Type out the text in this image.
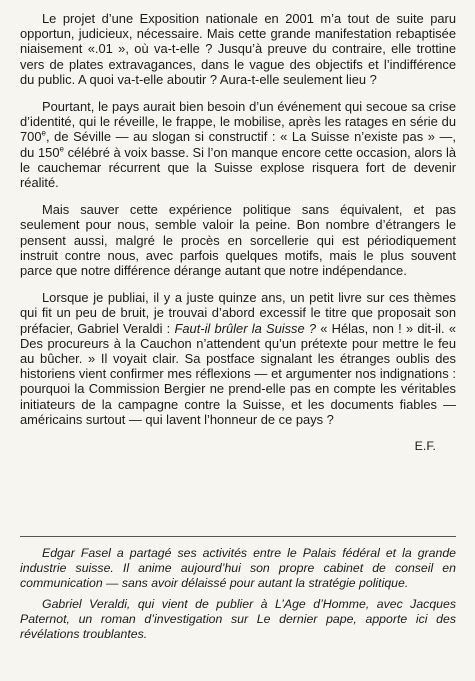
Le projet d’une Exposition nationale en 2001 m’a tout de suite paru opportun, judicieux, nécessaire. Mais cette grande manifestation rebaptisée niaisement «.01 », où va-t-elle ? Jusqu’à preuve du contraire, elle trottine vers de plates extravagances, dans le vague des objectifs et l’indifférence du public. A quoi va-t-elle aboutir ? Aura-t-elle seulement lieu ?

Pourtant, le pays aurait bien besoin d’un événement qui secoue sa crise d’identité, qui le réveille, le frappe, le mobilise, après les ratages en série du 700e, de Séville — au slogan si constructif : « La Suisse n’existe pas » —, du 150e célébré à voix basse. Si l’on manque encore cette occasion, alors là le cauchemar récurrent que la Suisse explose risquera fort de devenir réalité.

Mais sauver cette expérience politique sans équivalent, et pas seulement pour nous, semble valoir la peine. Bon nombre d’étrangers le pensent aussi, malgré le procès en sorcellerie qui est périodiquement instruit contre nous, avec parfois quelques motifs, mais le plus souvent parce que notre différence dérange autant que notre indépendance.

Lorsque je publiai, il y a juste quinze ans, un petit livre sur ces thèmes qui fit un peu de bruit, je trouvai d’abord excessif le titre que proposait son préfacier, Gabriel Veraldi : Faut-il brûler la Suisse ? « Hélas, non ! » dit-il. « Des procureurs à la Cauchon n’attendent qu’un prétexte pour mettre le feu au bûcher. » Il voyait clair. Sa postface signalant les étranges oublis des historiens vient confirmer mes réflexions — et argumenter nos indignations : pourquoi la Commission Bergier ne prend-elle pas en compte les véritables initiateurs de la campagne contre la Suisse, et les documents fiables — américains surtout — qui lavent l’honneur de ce pays ?

E.F.

Edgar Fasel a partagé ses activités entre le Palais fédéral et la grande industrie suisse. Il anime aujourd’hui son propre cabinet de conseil en communication — sans avoir délaissé pour autant la stratégie politique.

Gabriel Veraldi, qui vient de publier à L’Age d’Homme, avec Jacques Paternot, un roman d’investigation sur Le dernier pape, apporte ici des révélations troublantes.
